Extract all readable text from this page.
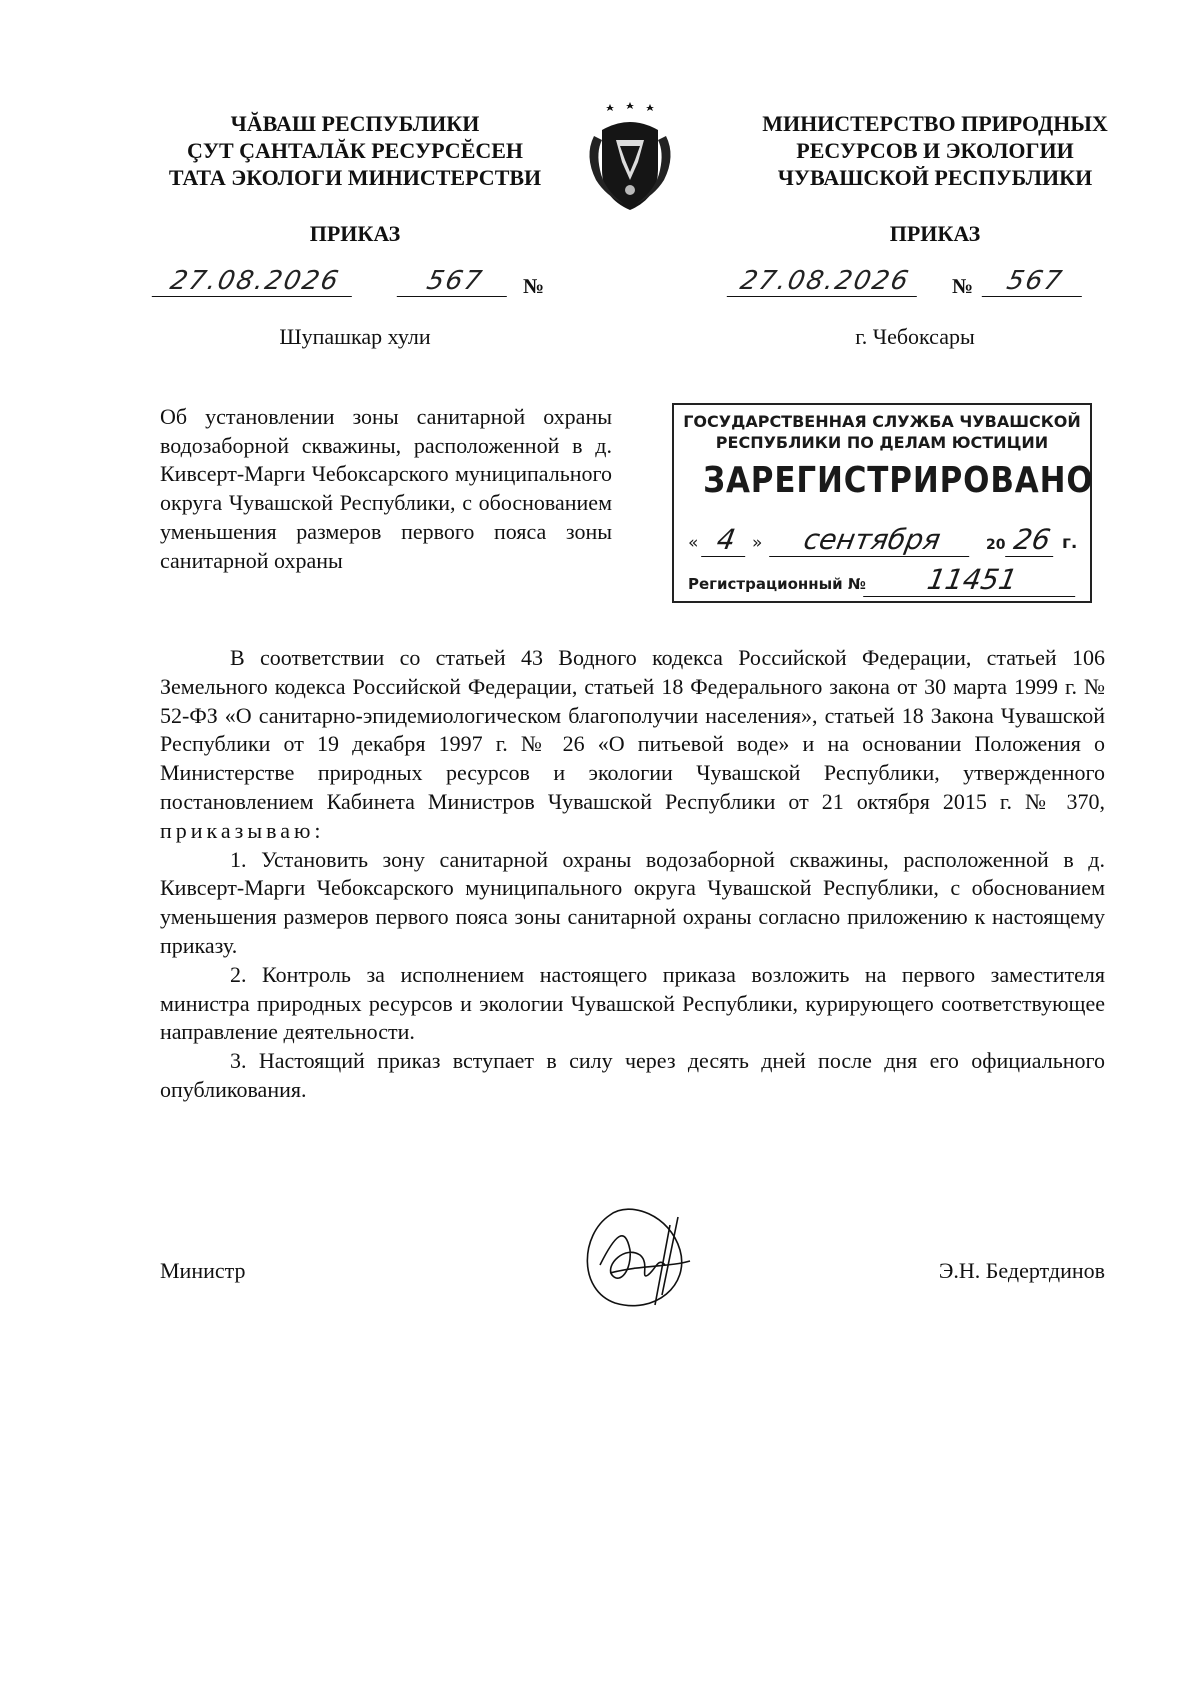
ЧĂВАШ РЕСПУБЛИКИ
ÇУТ ÇАНТАЛĂК РЕСУРСĔСЕН
ТАТА ЭКОЛОГИ МИНИСТЕРСТВИ
МИНИСТЕРСТВО ПРИРОДНЫХ
РЕСУРСОВ И ЭКОЛОГИИ
ЧУВАШСКОЙ РЕСПУБЛИКИ
ПРИКАЗ	ПРИКАЗ
27.08.2026	567	№	27.08.2026	№	567
Шупашкар хули	г. Чебоксары
Об установлении зоны санитарной охраны водозаборной скважины, расположенной в д. Кивсерт-Марги Чебоксарского муниципального округа Чувашской Республики, с обоснованием уменьшения размеров первого пояса зоны санитарной охраны
ГОСУДАРСТВЕННАЯ СЛУЖБА ЧУВАШСКОЙ
РЕСПУБЛИКИ ПО ДЕЛАМ ЮСТИЦИИ
ЗАРЕГИСТРИРОВАНО
« 4 »	сентября	20 26 г.
Регистрационный №	11451

В соответствии со статьей 43 Водного кодекса Российской Федерации, статьей 106 Земельного кодекса Российской Федерации, статьей 18 Федерального закона от 30 марта 1999 г. № 52-ФЗ «О санитарно-эпидемиологическом благополучии населения», статьей 18 Закона Чувашской Республики от 19 декабря 1997 г. № 26 «О питьевой воде» и на основании Положения о Министерстве природных ресурсов и экологии Чувашской Республики, утвержденного постановлением Кабинета Министров Чувашской Республики от 21 октября 2015 г. № 370, приказываю:

1. Установить зону санитарной охраны водозаборной скважины, расположенной в д. Кивсерт-Марги Чебоксарского муниципального округа Чувашской Республики, с обоснованием уменьшения размеров первого пояса зоны санитарной охраны согласно приложению к настоящему приказу.

2. Контроль за исполнением настоящего приказа возложить на первого заместителя министра природных ресурсов и экологии Чувашской Республики, курирующего соответствующее направление деятельности.

3. Настоящий приказ вступает в силу через десять дней после дня его официального опубликования.

Министр	Э.Н. Бедертдинов
